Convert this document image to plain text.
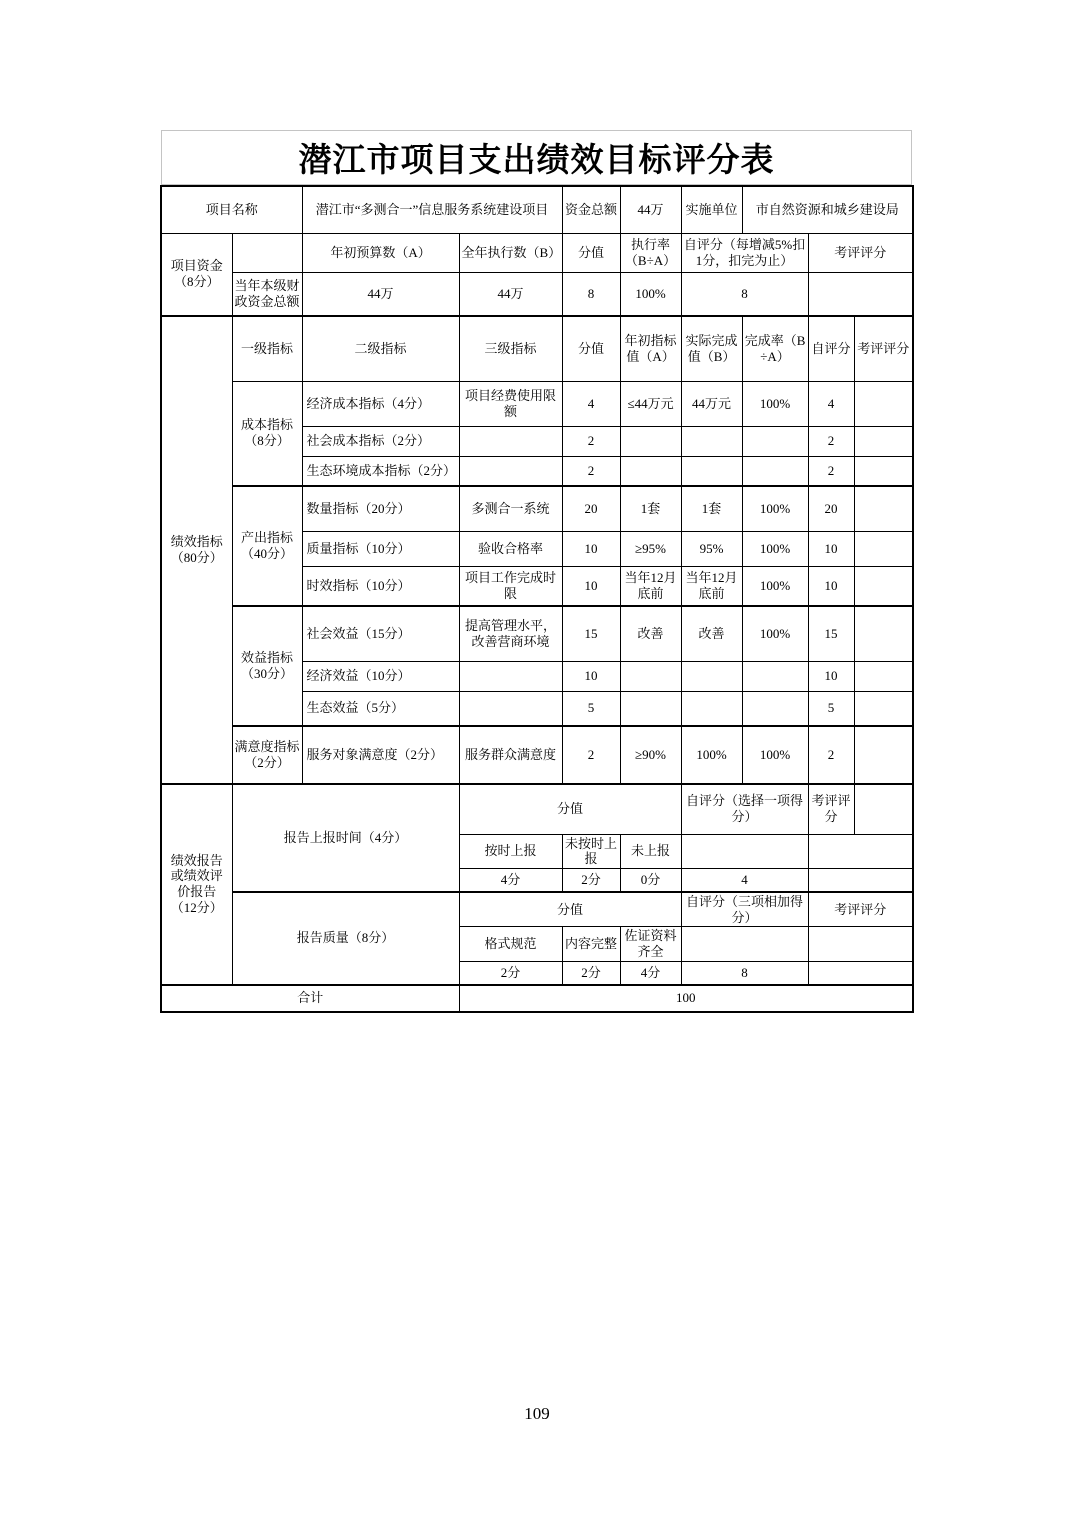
潜江市项目支出绩效目标评分表
项目名称		潜江市“多测合一”信息服务系统建设项目		资金总额	44万	实施单位	市自然资源和城乡建设局		
项目资金（8分）		年初预算数（A）	全年执行数（B）	分值	执行率（B÷A）	自评分（每增减5%扣1分，扣完为止）		考评评分	
	当年本级财政资金总额	44万	44万	8	100%	8			
绩效指标（80分）	一级指标	二级指标	三级指标	分值	年初指标值（A）	实际完成值（B）	完成率（B÷A）	自评分	考评评分
	成本指标（8分）	经济成本指标（4分）	项目经费使用限额	4	≤44万元	44万元	100%	4	
		社会成本指标（2分）		2				2	
		生态环境成本指标（2分）		2				2	
	产出指标（40分）	数量指标（20分）	多测合一系统	20	1套	1套	100%	20	
		质量指标（10分）	验收合格率	10	≥95%	95%	100%	10	
		时效指标（10分）	项目工作完成时限	10	当年12月底前	当年12月底前	100%	10	
	效益指标（30分）	社会效益（15分）	提高管理水平，改善营商环境	15	改善	改善	100%	15	
		经济效益（10分）		10				10	
		生态效益（5分）		5				5	
	满意度指标（2分）	服务对象满意度（2分）	服务群众满意度	2	≥90%	100%	100%	2	
绩效报告或绩效评价报告（12分）	报告上报时间（4分）		分值			自评分（选择一项得分）		考评评分	
			按时上报	未按时上报	未上报				
			4分	2分	0分	4			
	报告质量（8分）		分值			自评分（三项相加得分）		考评评分	
			格式规范	内容完整	佐证资料齐全				
			2分	2分	4分	8			
合计			100						
109
